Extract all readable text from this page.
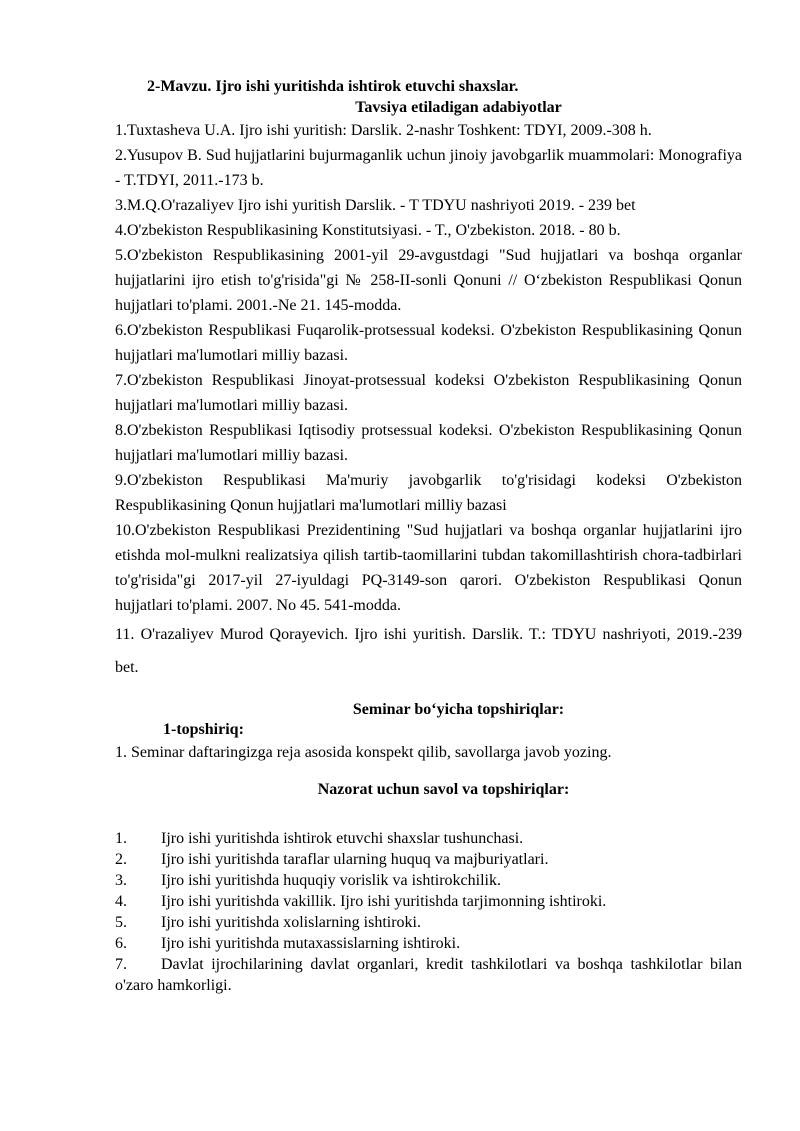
2-Mavzu. Ijro ishi yuritishda ishtirok etuvchi shaxslar.

Tavsiya etiladigan adabiyotlar

1.Tuxtasheva U.A. Ijro ishi yuritish: Darslik. 2-nashr Toshkent: TDYI, 2009.-308 h.

2.Yusupov B. Sud hujjatlarini bujurmaganlik uchun jinoiy javobgarlik muammolari: Monografiya - T.TDYI, 2011.-173 b.

3.M.Q.O'razaliyev Ijro ishi yuritish Darslik. - T TDYU nashriyoti 2019. - 239 bet

4.O'zbekiston Respublikasining Konstitutsiyasi. - T., O'zbekiston. 2018. - 80 b.

5.O'zbekiston Respublikasining 2001-yil 29-avgustdagi "Sud hujjatlari va boshqa organlar hujjatlarini ijro etish to'g'risida"gi № 258-II-sonli Qonuni // O‘zbekiston Respublikasi Qonun hujjatlari to'plami. 2001.-Ne 21. 145-modda.

6.O'zbekiston Respublikasi Fuqarolik-protsessual kodeksi. O'zbekiston Respublikasining Qonun hujjatlari ma'lumotlari milliy bazasi.

7.O'zbekiston Respublikasi Jinoyat-protsessual kodeksi O'zbekiston Respublikasining Qonun hujjatlari ma'lumotlari milliy bazasi.

8.O'zbekiston Respublikasi Iqtisodiy protsessual kodeksi. O'zbekiston Respublikasining Qonun hujjatlari ma'lumotlari milliy bazasi.

9.O'zbekiston Respublikasi Ma'muriy javobgarlik to'g'risidagi kodeksi O'zbekiston Respublikasining Qonun hujjatlari ma'lumotlari milliy bazasi

10.O'zbekiston Respublikasi Prezidentining "Sud hujjatlari va boshqa organlar hujjatlarini ijro etishda mol-mulkni realizatsiya qilish tartib-taomillarini tubdan takomillashtirish chora-tadbirlari to'g'risida"gi 2017-yil 27-iyuldagi PQ-3149-son qarori. O'zbekiston Respublikasi Qonun hujjatlari to'plami. 2007. No 45. 541-modda.

11. O'razaliyev Murod Qorayevich. Ijro ishi yuritish. Darslik. T.: TDYU nashriyoti, 2019.-239 bet.

Seminar bo‘yicha topshiriqlar:

1-topshiriq:

1. Seminar daftaringizga reja asosida konspekt qilib, savollarga javob yozing.

Nazorat uchun savol va topshiriqlar:

1.	Ijro ishi yuritishda ishtirok etuvchi shaxslar tushunchasi.
2.	Ijro ishi yuritishda taraflar ularning huquq va majburiyatlari.
3.	Ijro ishi yuritishda huquqiy vorislik va ishtirokchilik.
4.	Ijro ishi yuritishda vakillik. Ijro ishi yuritishda tarjimonning ishtiroki.
5.	Ijro ishi yuritishda xolislarning ishtiroki.
6.	Ijro ishi yuritishda mutaxassislarning ishtiroki.
7. Davlat ijrochilarining davlat organlari, kredit tashkilotlari va boshqa tashkilotlar bilan o'zaro hamkorligi.
